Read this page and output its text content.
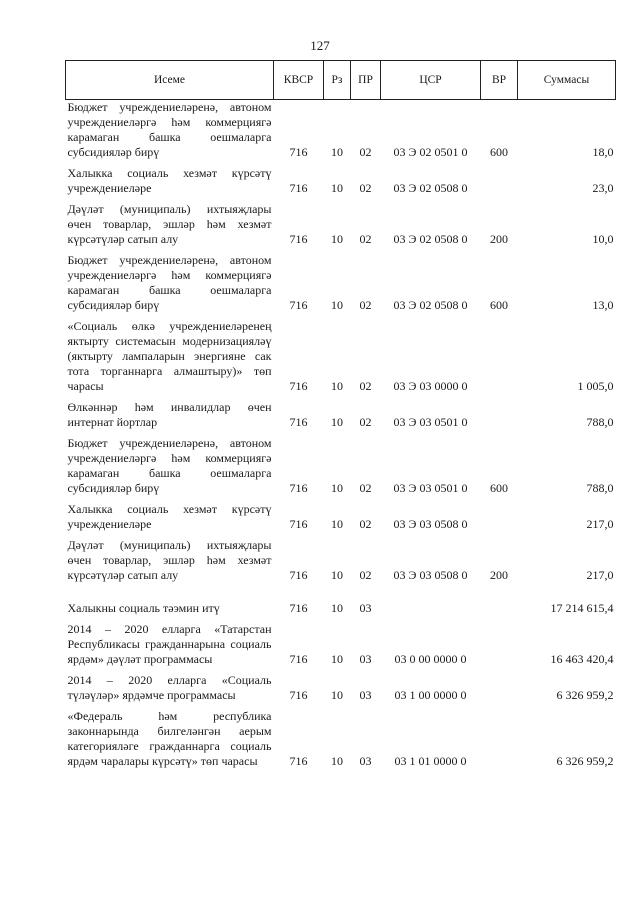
127
Исеме	КВСР	Рз	ПР	ЦСР	ВР	Суммасы
Бюджет учреждениеләренә, автоном учреждениеләргә һәм коммерциягә карамаган башка оешмаларга субсидияләр бирү	716	10	02	03 Э 02 0501 0	600	18,0
Халыкка социаль хезмәт күрсәтү учреждениеләре	716	10	02	03 Э 02 0508 0		23,0
Дәүләт (муниципаль) ихтыяҗлары өчен товарлар, эшләр һәм хезмәт күрсәтүләр сатып алу	716	10	02	03 Э 02 0508 0	200	10,0
Бюджет учреждениеләренә, автоном учреждениеләргә һәм коммерциягә карамаган башка оешмаларга субсидияләр бирү	716	10	02	03 Э 02 0508 0	600	13,0
«Социаль өлкә учреждениеләренең яктырту системасын модернизацияләү (яктырту лампаларын энергияне сак тота торганнарга алмаштыру)» төп чарасы	716	10	02	03 Э 03 0000 0		1 005,0
Өлкәннәр һәм инвалидлар өчен интернат йортлар	716	10	02	03 Э 03 0501 0		788,0
Бюджет учреждениеләренә, автоном учреждениеләргә һәм коммерциягә карамаган башка оешмаларга субсидияләр бирү	716	10	02	03 Э 03 0501 0	600	788,0
Халыкка социаль хезмәт күрсәтү учреждениеләре	716	10	02	03 Э 03 0508 0		217,0
Дәүләт (муниципаль) ихтыяҗлары өчен товарлар, эшләр һәм хезмәт күрсәтүләр сатып алу	716	10	02	03 Э 03 0508 0	200	217,0
Халыкны социаль тәэмин итү	716	10	03			17 214 615,4
2014 – 2020 елларга «Татарстан Республикасы гражданнарына социаль ярдәм» дәүләт программасы	716	10	03	03 0 00 0000 0		16 463 420,4
2014 – 2020 елларга «Социаль түләүләр» ярдәмче программасы	716	10	03	03 1 00 0000 0		6 326 959,2
«Федераль һәм республика законнарында билгеләнгән аерым категорияләге гражданнарга социаль ярдәм чаралары күрсәтү» төп чарасы	716	10	03	03 1 01 0000 0		6 326 959,2
